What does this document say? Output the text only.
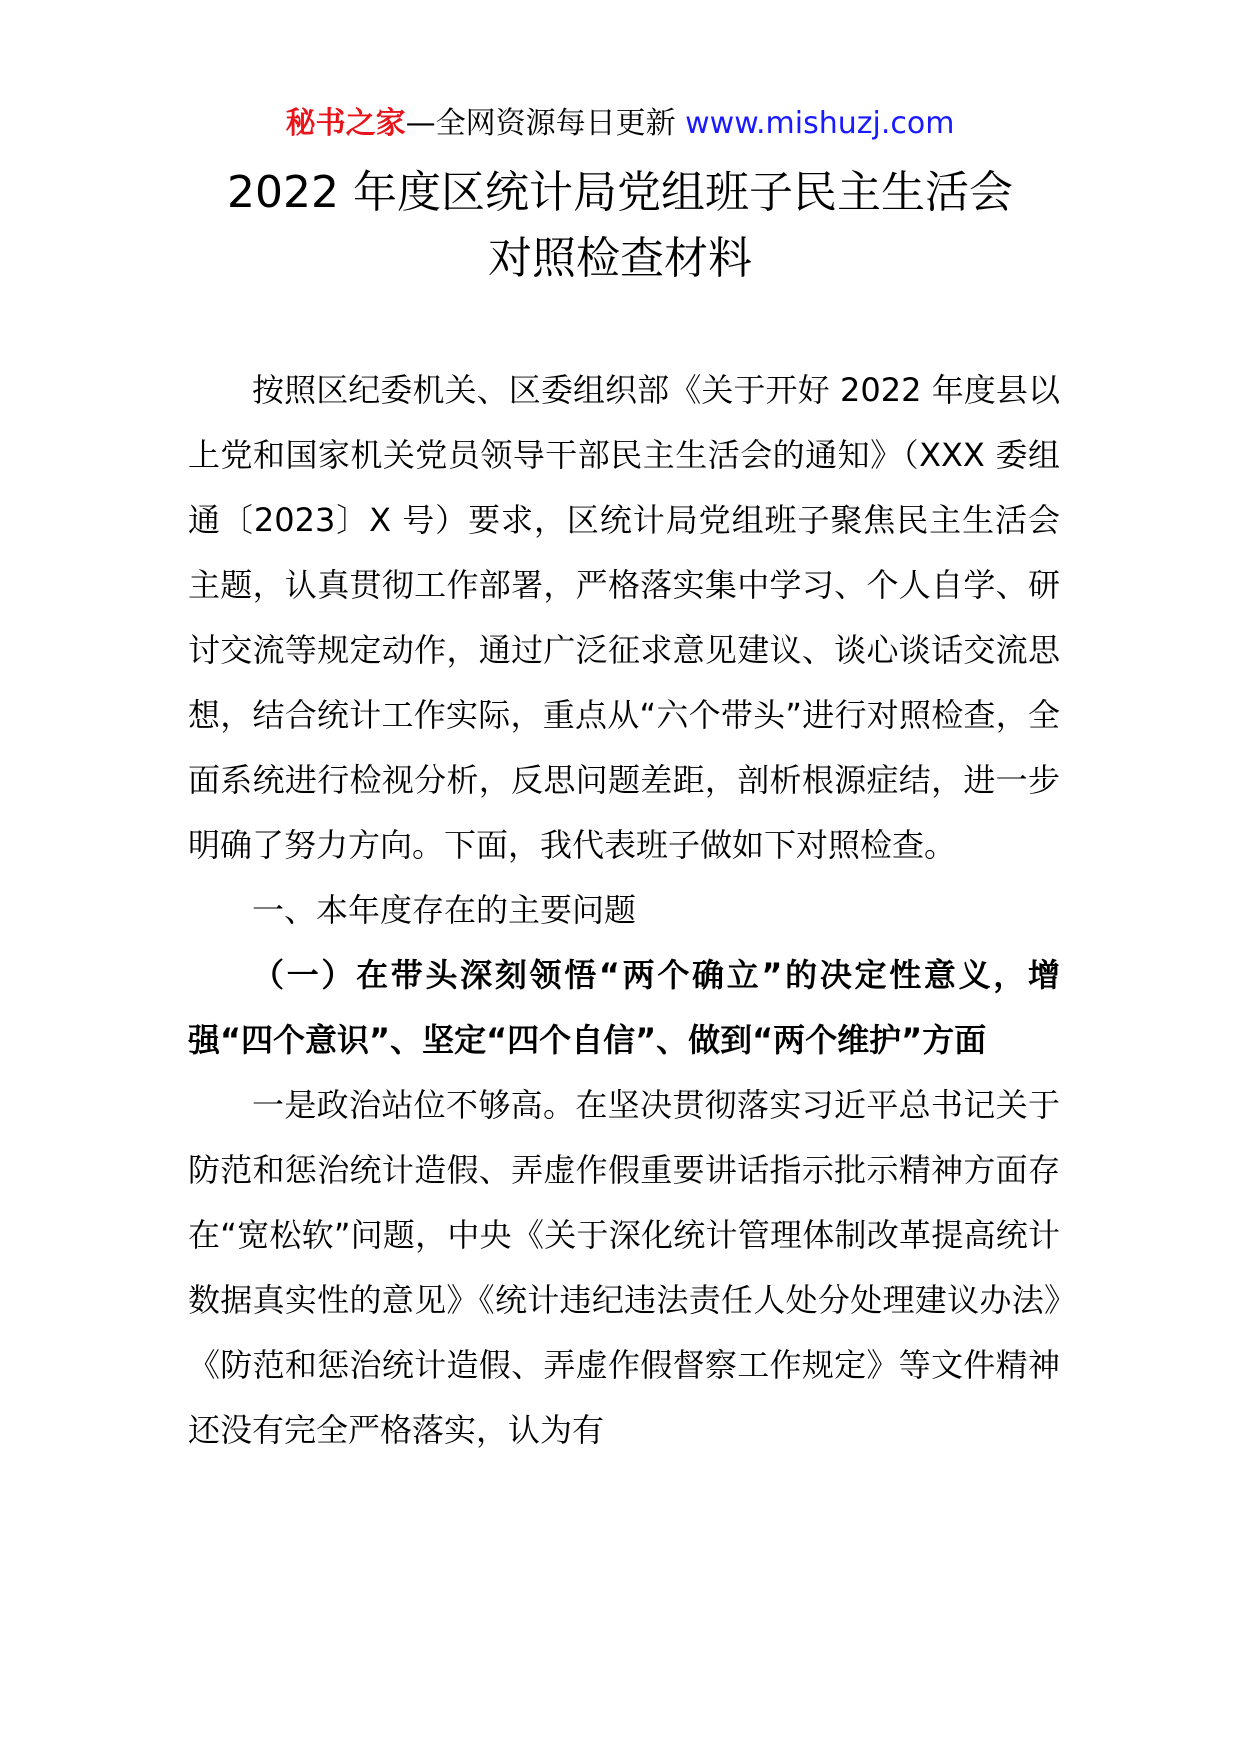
秘书之家—全网资源每日更新 www.mishuzj.com
2022 年度区统计局党组班子民主生活会
对照检查材料

按照区纪委机关、区委组织部《关于开好 2022 年度县以上党和国家机关党员领导干部民主生活会的通知》（XXX 委组通〔2023〕X 号）要求，区统计局党组班子聚焦民主生活会主题，认真贯彻工作部署，严格落实集中学习、个人自学、研讨交流等规定动作，通过广泛征求意见建议、谈心谈话交流思想，结合统计工作实际，重点从“六个带头”进行对照检查，全面系统进行检视分析，反思问题差距，剖析根源症结，进一步明确了努力方向。下面，我代表班子做如下对照检查。

一、本年度存在的主要问题

（一）在带头深刻领悟“两个确立”的决定性意义，增强“四个意识”、坚定“四个自信”、做到“两个维护”方面

一是政治站位不够高。在坚决贯彻落实习近平总书记关于防范和惩治统计造假、弄虚作假重要讲话指示批示精神方面存在“宽松软”问题，中央《关于深化统计管理体制改革提高统计数据真实性的意见》《统计违纪违法责任人处分处理建议办法》《防范和惩治统计造假、弄虚作假督察工作规定》等文件精神还没有完全严格落实，认为有
